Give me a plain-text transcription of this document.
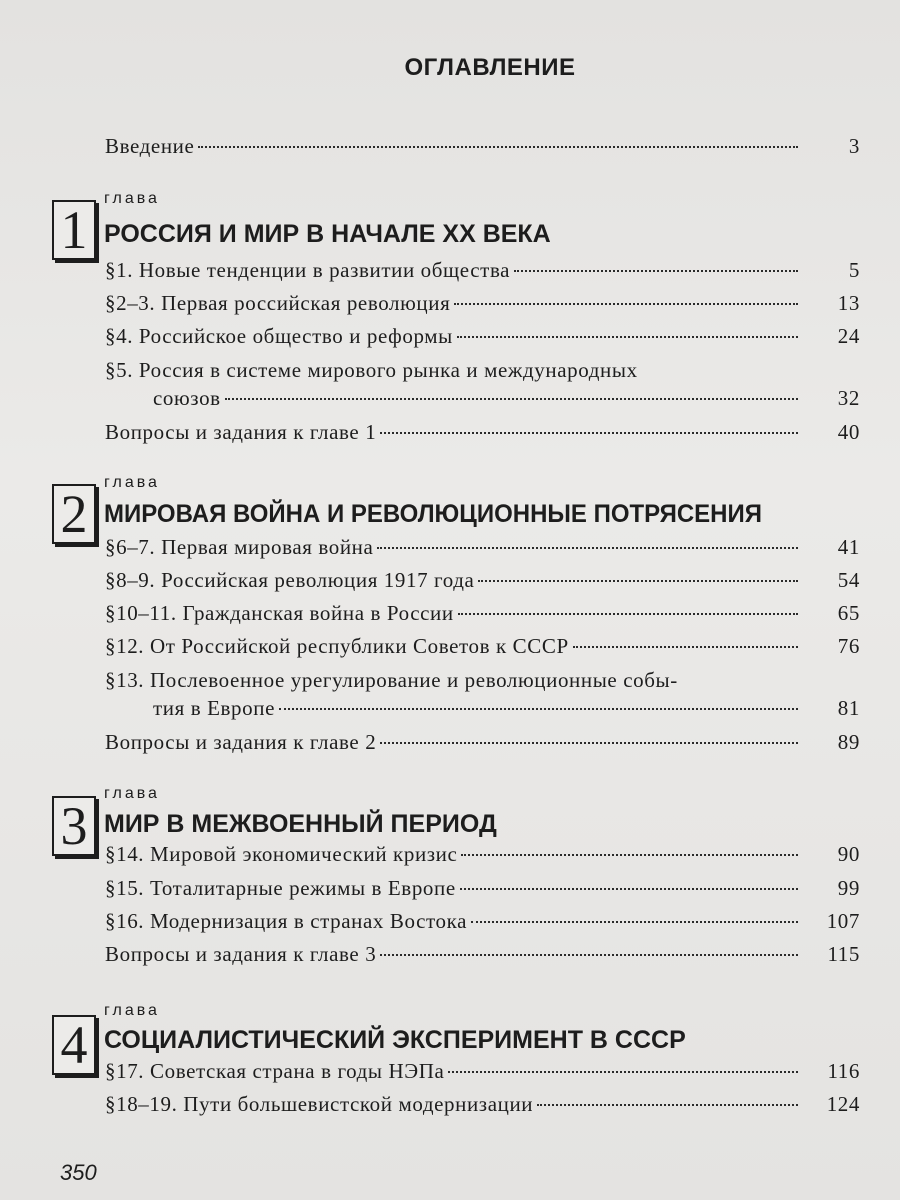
ОГЛАВЛЕНИЕ
Введение	3
1
глава
РОССИЯ И МИР В НАЧАЛЕ XX ВЕКА
§1. Новые тенденции в развитии общества	5
§2–3. Первая российская революция	13
§4. Российское общество и реформы	24
§5. Россия в системе мирового рынка и международных
союзов	32
Вопросы и задания к главе 1	40
2
глава
МИРОВАЯ ВОЙНА И РЕВОЛЮЦИОННЫЕ ПОТРЯСЕНИЯ
§6–7. Первая мировая война	41
§8–9. Российская революция 1917 года	54
§10–11. Гражданская война в России	65
§12. От Российской республики Советов к СССР	76
§13. Послевоенное урегулирование и революционные собы-
тия в Европе	81
Вопросы и задания к главе 2	89
3
глава
МИР В МЕЖВОЕННЫЙ ПЕРИОД
§14. Мировой экономический кризис	90
§15. Тоталитарные режимы в Европе	99
§16. Модернизация в странах Востока	107
Вопросы и задания к главе 3	115
4
глава
СОЦИАЛИСТИЧЕСКИЙ ЭКСПЕРИМЕНТ В СССР
§17. Советская страна в годы НЭПа	116
§18–19. Пути большевистской модернизации	124
350
